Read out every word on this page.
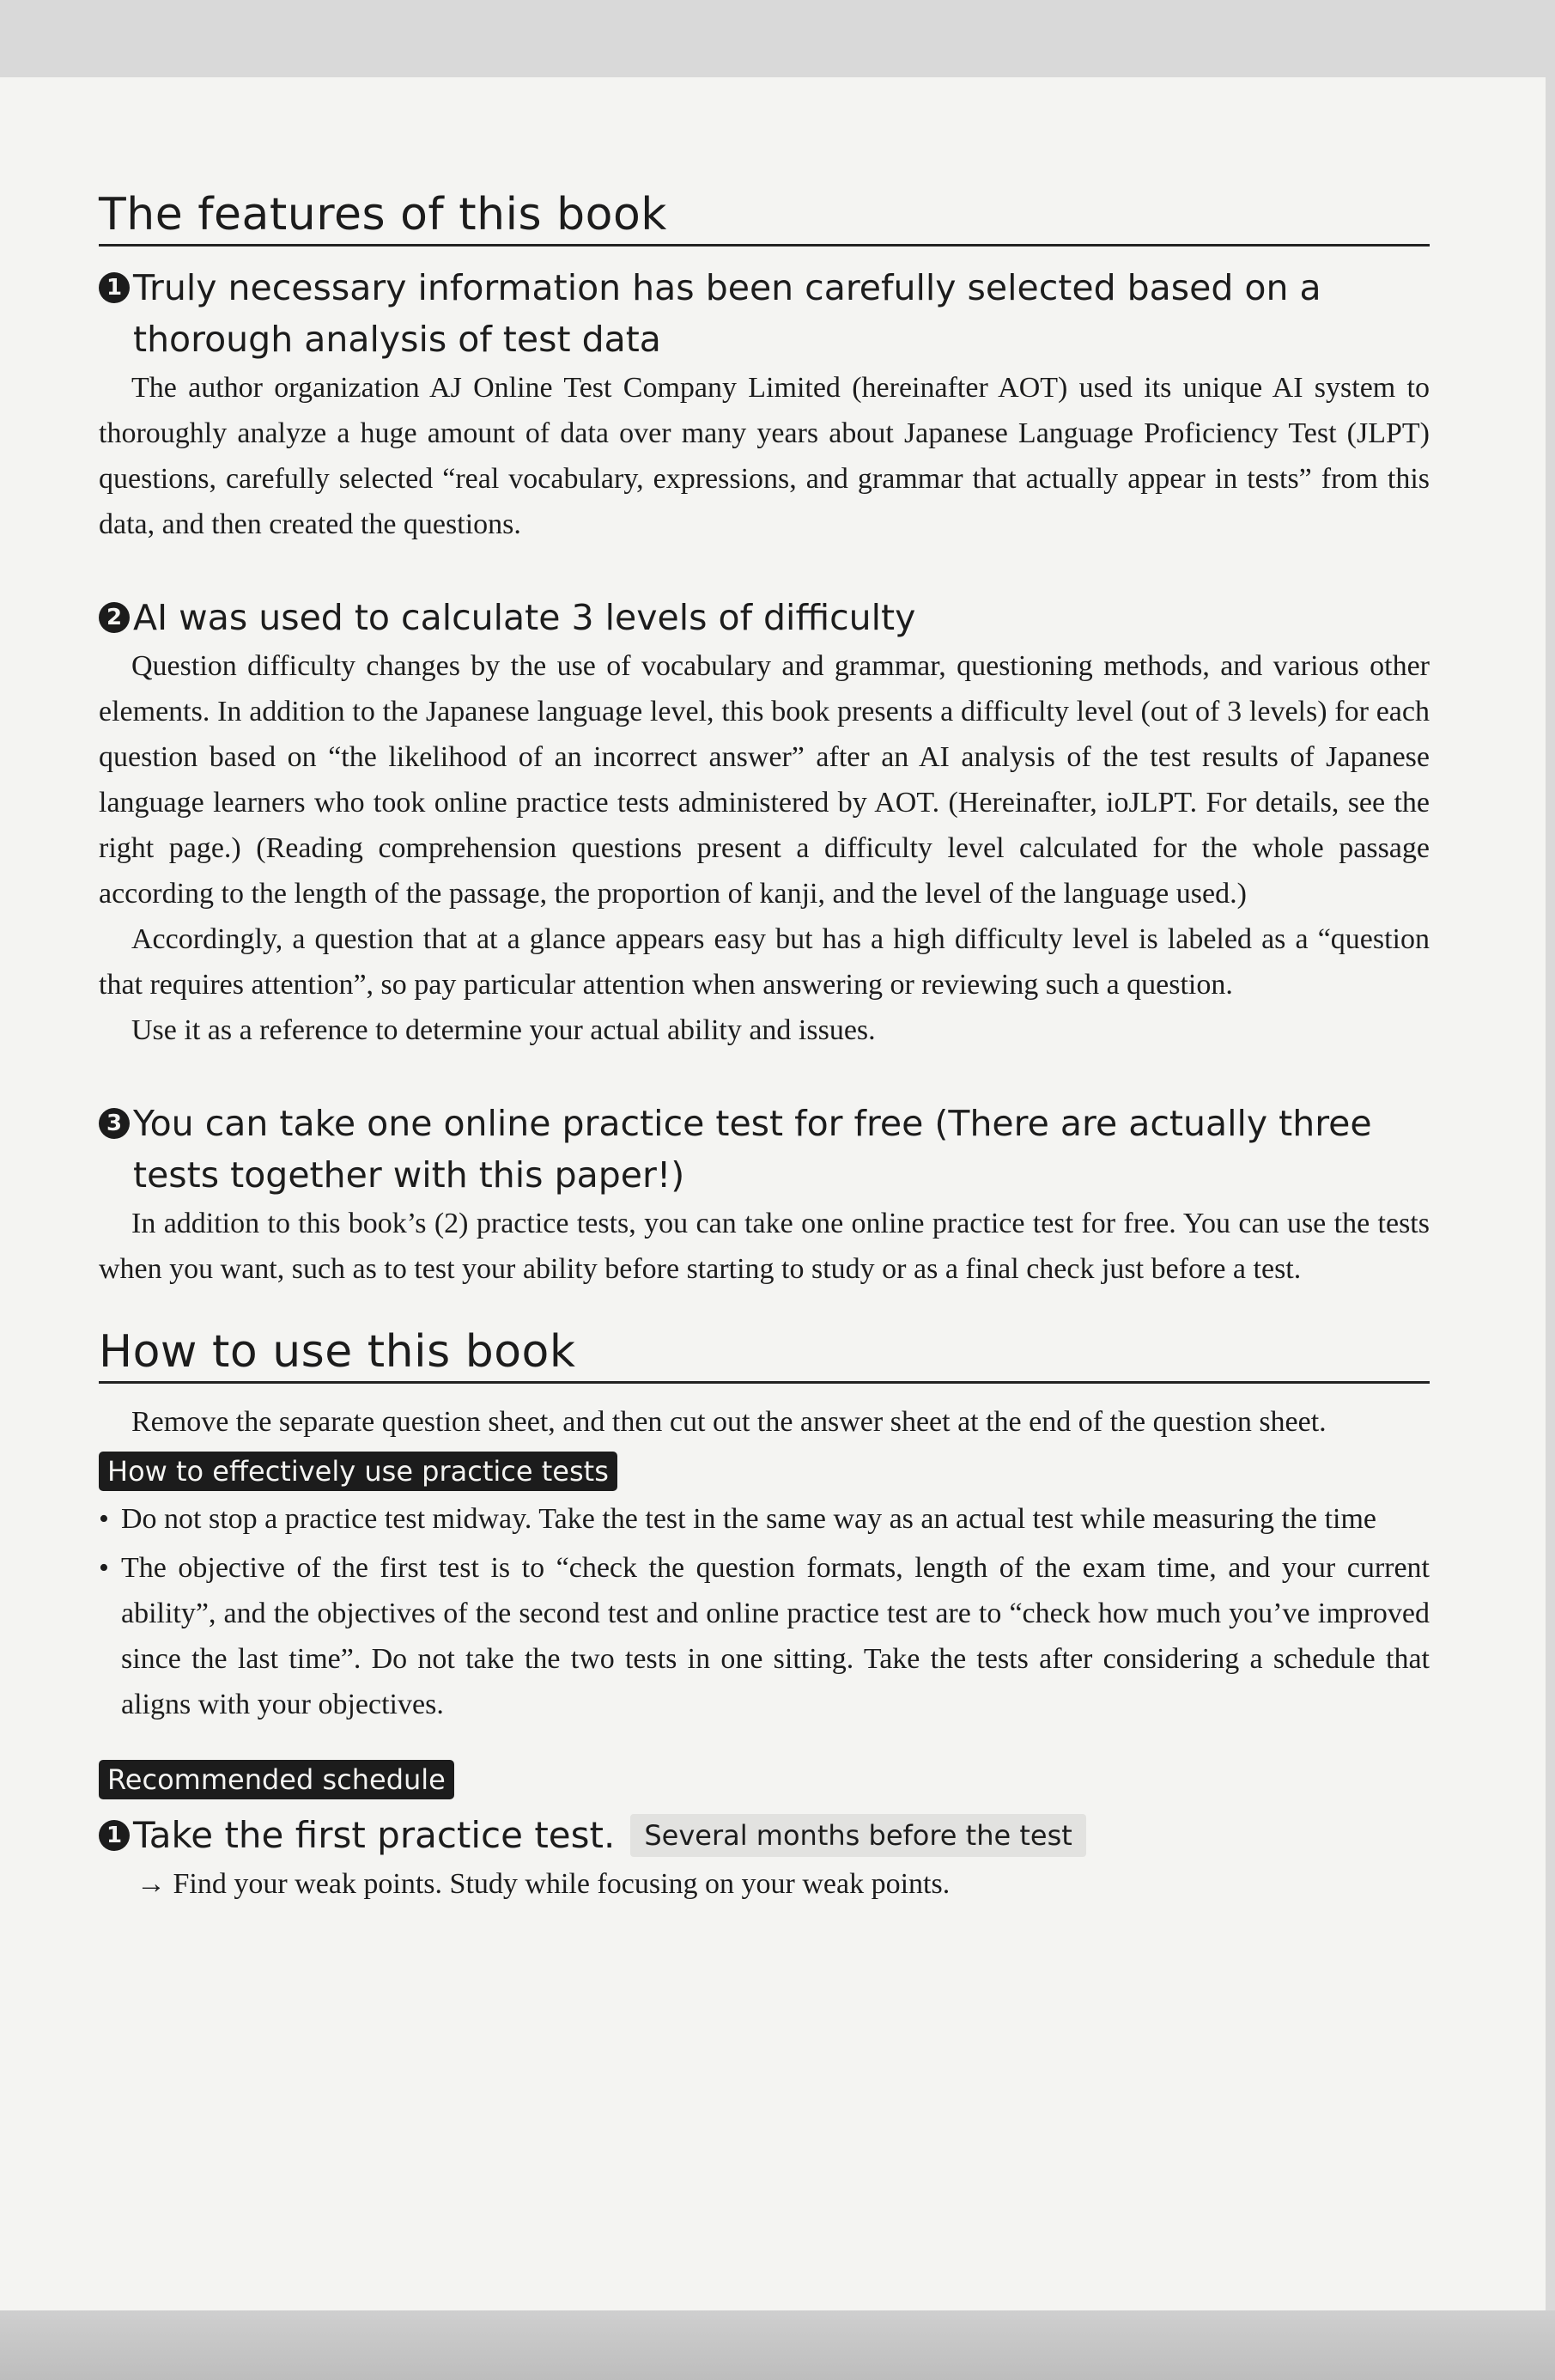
The features of this book
1 Truly necessary information has been carefully selected based on a
thorough analysis of test data

The author organization AJ Online Test Company Limited (hereinafter AOT) used its unique AI system to thoroughly analyze a huge amount of data over many years about Japanese Language Proficiency Test (JLPT) questions, carefully selected “real vocabulary, expressions, and grammar that actually appear in tests” from this data, and then created the questions.

2 AI was used to calculate 3 levels of difficulty

Question difficulty changes by the use of vocabulary and grammar, questioning methods, and various other elements. In addition to the Japanese language level, this book presents a difficulty level (out of 3 levels) for each question based on “the likelihood of an incorrect answer” after an AI analysis of the test results of Japanese language learners who took online practice tests administered by AOT. (Hereinafter, ioJLPT. For details, see the right page.) (Reading comprehension questions present a difficulty level calculated for the whole passage according to the length of the passage, the proportion of kanji, and the level of the language used.)

Accordingly, a question that at a glance appears easy but has a high difficulty level is labeled as a “question that requires attention”, so pay particular attention when answering or reviewing such a question.

Use it as a reference to determine your actual ability and issues.

3 You can take one online practice test for free (There are actually three
tests together with this paper!)

In addition to this book’s (2) practice tests, you can take one online practice test for free. You can use the tests when you want, such as to test your ability before starting to study or as a final check just before a test.

How to use this book

Remove the separate question sheet, and then cut out the answer sheet at the end of the question sheet.

How to effectively use practice tests
• Do not stop a practice test midway. Take the test in the same way as an actual test while measuring the time
• The objective of the first test is to “check the question formats, length of the exam time, and your current ability”, and the objectives of the second test and online practice test are to “check how much you’ve improved since the last time”. Do not take the two tests in one sitting. Take the tests after considering a schedule that aligns with your objectives.
Recommended schedule
1 Take the first practice test.	Several months before the test
→ Find your weak points. Study while focusing on your weak points.
